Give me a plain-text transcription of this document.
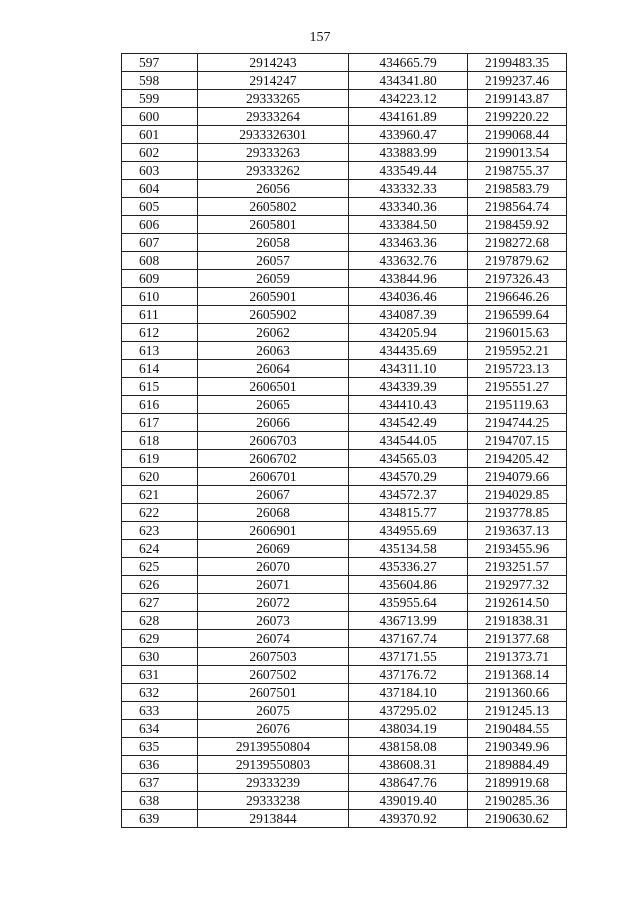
157
597	2914243	434665.79	2199483.35
598	2914247	434341.80	2199237.46
599	29333265	434223.12	2199143.87
600	29333264	434161.89	2199220.22
601	2933326301	433960.47	2199068.44
602	29333263	433883.99	2199013.54
603	29333262	433549.44	2198755.37
604	26056	433332.33	2198583.79
605	2605802	433340.36	2198564.74
606	2605801	433384.50	2198459.92
607	26058	433463.36	2198272.68
608	26057	433632.76	2197879.62
609	26059	433844.96	2197326.43
610	2605901	434036.46	2196646.26
611	2605902	434087.39	2196599.64
612	26062	434205.94	2196015.63
613	26063	434435.69	2195952.21
614	26064	434311.10	2195723.13
615	2606501	434339.39	2195551.27
616	26065	434410.43	2195119.63
617	26066	434542.49	2194744.25
618	2606703	434544.05	2194707.15
619	2606702	434565.03	2194205.42
620	2606701	434570.29	2194079.66
621	26067	434572.37	2194029.85
622	26068	434815.77	2193778.85
623	2606901	434955.69	2193637.13
624	26069	435134.58	2193455.96
625	26070	435336.27	2193251.57
626	26071	435604.86	2192977.32
627	26072	435955.64	2192614.50
628	26073	436713.99	2191838.31
629	26074	437167.74	2191377.68
630	2607503	437171.55	2191373.71
631	2607502	437176.72	2191368.14
632	2607501	437184.10	2191360.66
633	26075	437295.02	2191245.13
634	26076	438034.19	2190484.55
635	29139550804	438158.08	2190349.96
636	29139550803	438608.31	2189884.49
637	29333239	438647.76	2189919.68
638	29333238	439019.40	2190285.36
639	2913844	439370.92	2190630.62
